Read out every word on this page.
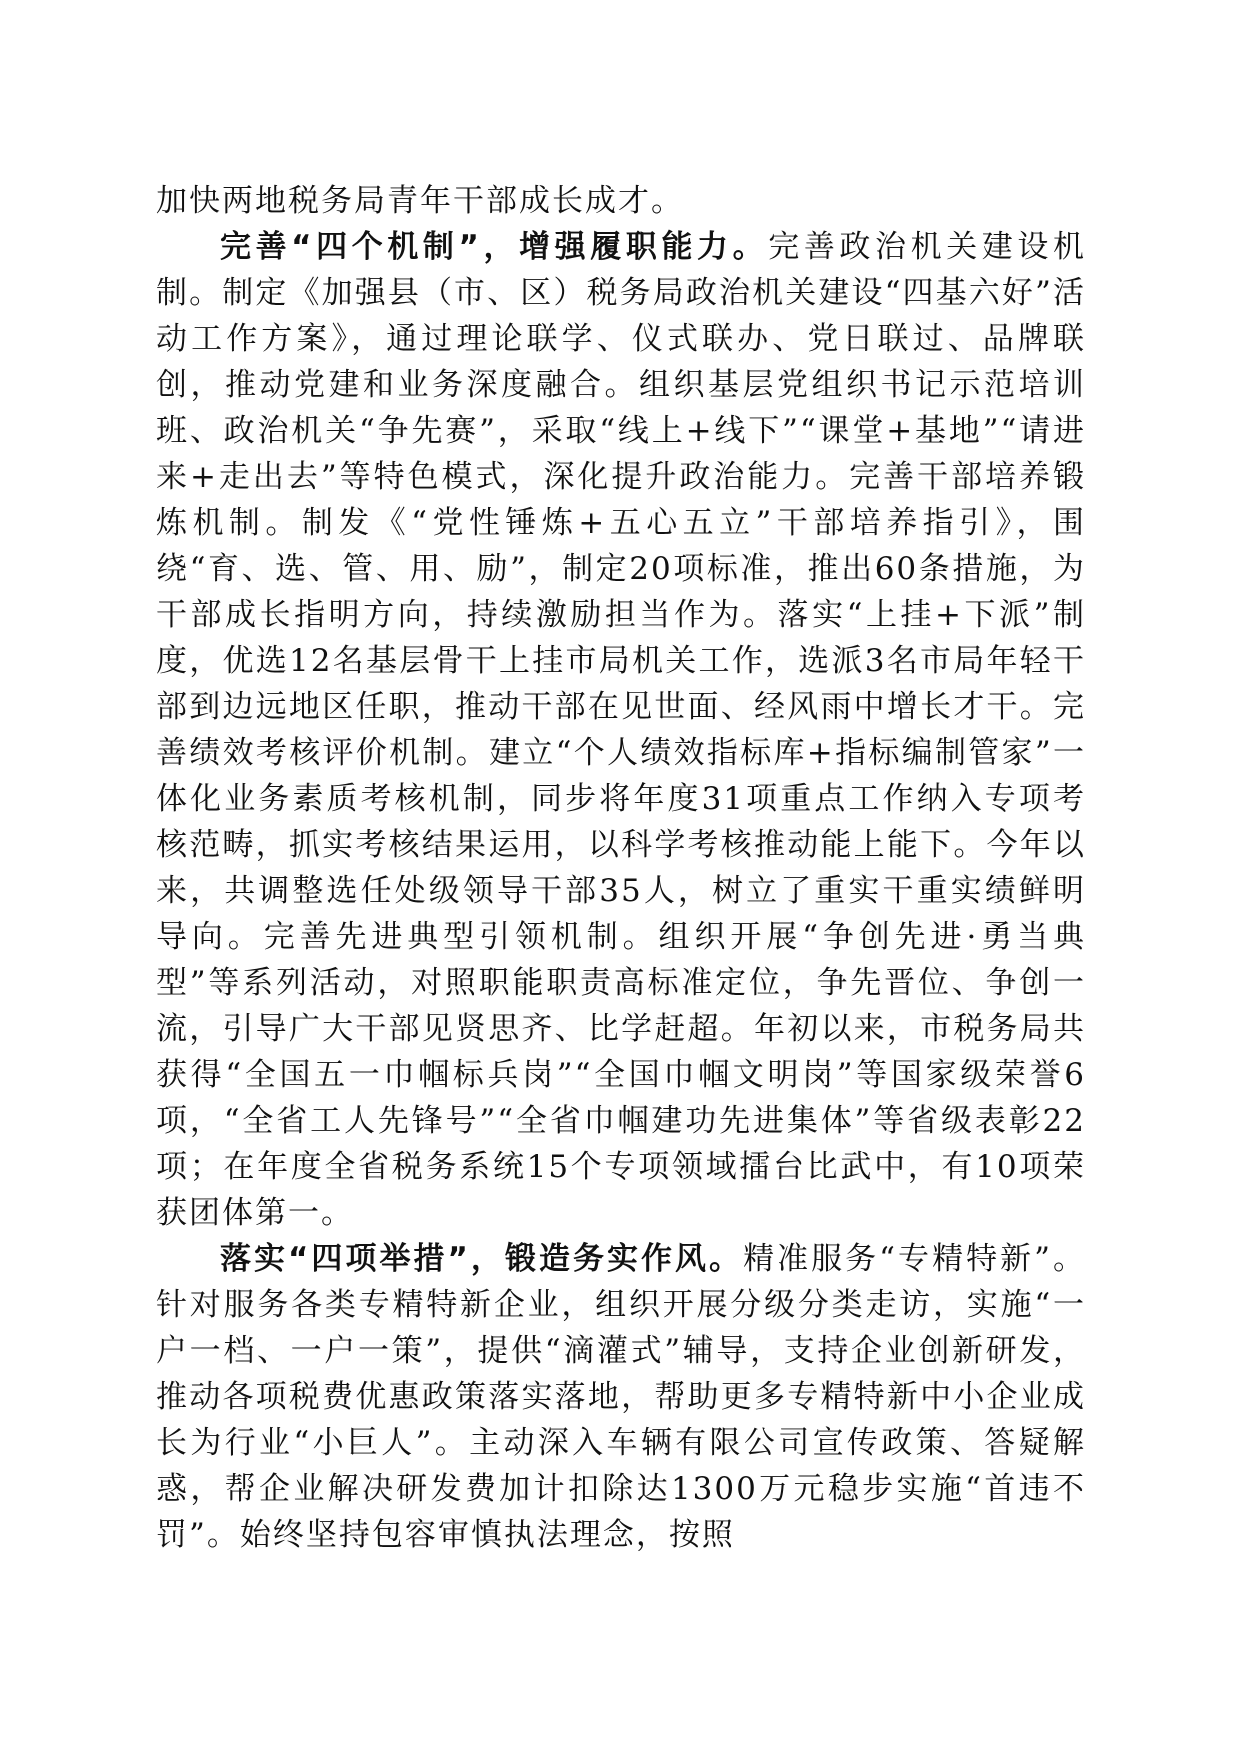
加快两地税务局青年干部成长成才。

完善“四个机制”，增强履职能力。完善政治机关建设机制。制定《加强县（市、区）税务局政治机关建设“四基六好”活动工作方案》，通过理论联学、仪式联办、党日联过、品牌联创，推动党建和业务深度融合。组织基层党组织书记示范培训班、政治机关“争先赛”，采取“线上+线下”“课堂+基地”“请进来+走出去”等特色模式，深化提升政治能力。完善干部培养锻炼机制。制发《“党性锤炼+五心五立”干部培养指引》，围绕“育、选、管、用、励”，制定20项标准，推出60条措施，为干部成长指明方向，持续激励担当作为。落实“上挂+下派”制度，优选12名基层骨干上挂市局机关工作，选派3名市局年轻干部到边远地区任职，推动干部在见世面、经风雨中增长才干。完善绩效考核评价机制。建立“个人绩效指标库+指标编制管家”一体化业务素质考核机制，同步将年度31项重点工作纳入专项考核范畴，抓实考核结果运用，以科学考核推动能上能下。今年以来，共调整选任处级领导干部35人，树立了重实干重实绩鲜明导向。完善先进典型引领机制。组织开展“争创先进·勇当典型”等系列活动，对照职能职责高标准定位，争先晋位、争创一流，引导广大干部见贤思齐、比学赶超。年初以来，市税务局共获得“全国五一巾帼标兵岗”“全国巾帼文明岗”等国家级荣誉6项，“全省工人先锋号”“全省巾帼建功先进集体”等省级表彰22项；在年度全省税务系统15个专项领域擂台比武中，有10项荣获团体第一。

落实“四项举措”，锻造务实作风。精准服务“专精特新”。针对服务各类专精特新企业，组织开展分级分类走访，实施“一户一档、一户一策”，提供“滴灌式”辅导，支持企业创新研发，推动各项税费优惠政策落实落地，帮助更多专精特新中小企业成长为行业“小巨人”。主动深入车辆有限公司宣传政策、答疑解惑，帮企业解决研发费加计扣除达1300万元稳步实施“首违不罚”。始终坚持包容审慎执法理念，按照
